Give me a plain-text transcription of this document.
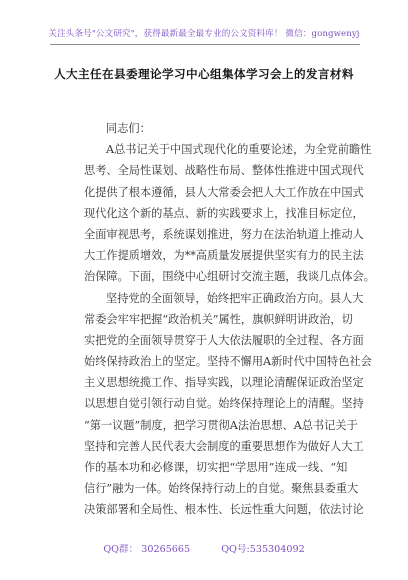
关注头条号"公文研究"，获得最新最全最专业的公文资料库！ 微信：gongwenyj
人大主任在县委理论学习中心组集体学习会上的发言材料
同志们：
A总书记关于中国式现代化的重要论述，为全党前瞻性
思考、全局性谋划、战略性布局、整体性推进中国式现代
化提供了根本遵循，县人大常委会把人大工作放在中国式
现代化这个新的基点、新的实践要求上，找准目标定位，
全面审视思考，系统谋划推进，努力在法治轨道上推动人
大工作提质增效，为**高质量发展提供坚实有力的民主法
治保障。下面，围绕中心组研讨交流主题，我谈几点体会。
坚持党的全面领导，始终把牢正确政治方向。县人大
常委会牢牢把握“政治机关”属性，旗帜鲜明讲政治，切
实把党的全面领导贯穿于人大依法履职的全过程、各方面
始终保持政治上的坚定。坚持不懈用A新时代中国特色社会
主义思想统揽工作、指导实践，以理论清醒保证政治坚定
以思想自觉引领行动自觉。始终保持理论上的清醒。坚持
“第一议题”制度，把学习贯彻A法治思想、A总书记关于
坚持和完善人民代表大会制度的重要思想作为做好人大工
作的基本功和必修课，切实把“学思用”连成一线、“知
信行”融为一体。始终保持行动上的自觉。聚焦县委重大
决策部署和全局性、根本性、长远性重大问题，依法讨论
QQ群： 30265665	QQ号:535304092
